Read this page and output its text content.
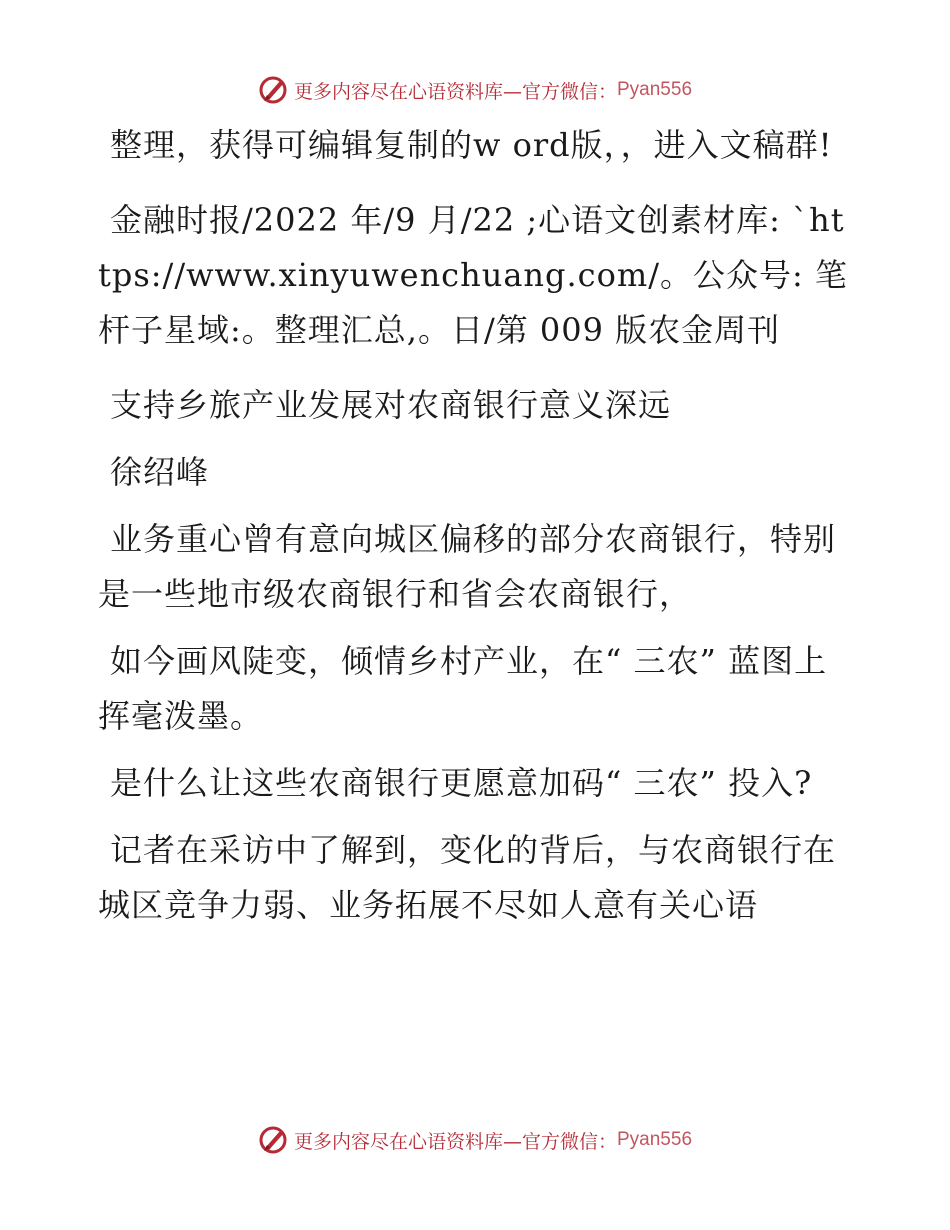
更多内容尽在心语资料库—官方微信： Pyan556

整理，获得可编辑复制的w ord版，，进入文稿群!

金融时报/2022 年/9 月/22 ;心语文创素材库: `https://www.xinyuwenchuang.com/。公众号: 笔杆子星域:。整理汇总,。日/第 009 版农金周刊

支持乡旅产业发展对农商银行意义深远

徐绍峰

业务重心曾有意向城区偏移的部分农商银行，特别是一些地市级农商银行和省会农商银行，

如今画风陡变，倾情乡村产业，在“ 三农” 蓝图上挥毫泼墨。

是什么让这些农商银行更愿意加码“ 三农” 投入?

记者在采访中了解到，变化的背后，与农商银行在城区竞争力弱、业务拓展不尽如人意有关心语

更多内容尽在心语资料库—官方微信： Pyan556
